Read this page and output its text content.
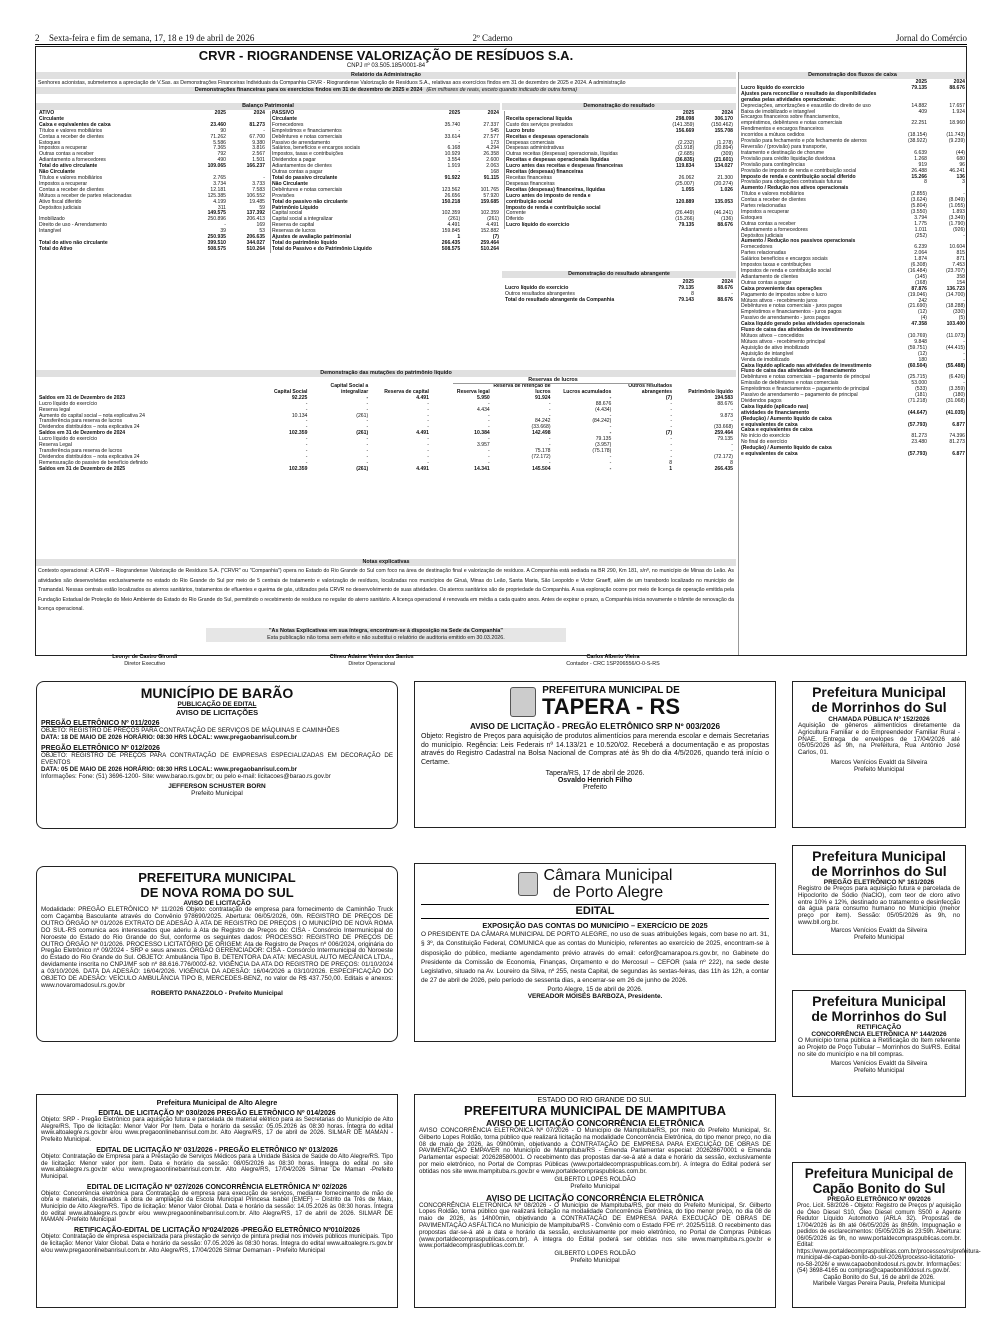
2	Sexta-feira e fim de semana, 17, 18 e 19 de abril de 2026	2º Caderno	Jornal do Comércio
CRVR - RIOGRANDENSE VALORIZAÇÃO DE RESÍDUOS S.A.
CNPJ nº 03.505.185/0001-84
Relatório da Administração
Senhores acionistas, submetemos a apreciação de V.Sas. as Demonstrações Financeiras Individuais da Companhia CRVR - Riograndense Valorização de Resíduos S.A., relativas aos exercícios findos em 31 de dezembro de 2025 e 2024. A administração
Demonstrações financeiras para os exercícios findos em 31 de dezembro de 2025 e 2024 (Em milhares de reais, exceto quando indicado de outra forma)
Balanço Patrimonial	Demonstração do resultado
ATIVO	2025	2024
Circulante		
Caixa e equivalentes de caixa	23.460	81.273
Títulos e valores mobiliários	90	-
Contas a receber de clientes	71.262	67.700
Estoques	5.586	9.380
Impostos a recuperar	7.365	3.816
Outras contas a receber	792	2.567
Adiantamento a fornecedores	490	1.501
Total do ativo circulante	109.065	166.237
Não Circulante		
Títulos e valores mobiliários	2.765	-
Impostos a recuperar	3.734	3.733
Contas a receber de clientes	12.181	7.583
Mútuos a receber de partes relacionadas	125.385	106.552
Ativo fiscal diferido	4.199	19.485
Depósitos judiciais	311	59
	149.575	137.392
Imobilizado	250.896	206.413
Direito de uso - Arrendamento	-	169
Intangível	39	53
	250.935	206.635
Total do ativo não circulante	399.510	344.027
Total do Ativo	508.575	510.264
PASSIVO	2025	2024
Circulante		
Fornecedores	35.740	27.337
Empréstimos e financiamentos	-	545
Debêntures e notas comerciais	33.614	27.577
Passivo de arrendamento	-	173
Salários, benefícios e encargos sociais	6.168	4.294
Impostos, taxas e contribuições	10.929	26.358
Dividendos a pagar	3.554	2.600
Adiantamentos de clientes	1.919	2.063
Outras contas a pagar	-	168
Total do passivo circulante	91.922	91.115
Não Circulante		
Debêntures e notas comerciais	123.562	101.765
Provisões	26.656	57.920
Total do passivo não circulante	150.218	159.685
Patrimônio Líquido		
Capital social	102.359	102.359
Capital social a integralizar	(261)	(261)
Reserva de capital	4.491	4.491
Reservas de lucros	159.845	152.882
Ajustes de avaliação patrimonial	1	(7)
Total do patrimônio líquido	266.435	259.464
Total do Passivo e do Patrimônio Líquido	508.575	510.264
	2025	2024
Receita operacional líquida	298.098	306.170
Custo dos serviços prestados	(141.359)	(150.462)
Lucro bruto	156.669	155.708
Receitas e despesas operacionais		
Despesas comerciais	(2.232)	(1.278)
Despesas administrativas	(31.918)	(20.894)
Outras receitas (despesas) operacionais, líquidas	(2.685)	(309)
Receitas e despesas operacionais líquidas	(36.835)	(21.601)
Lucro antes das receitas e despesas financeiras	119.834	134.027
Receitas (despesas) financeiras		
Receitas financeiras	26.062	21.300
Despesas financeiras	(25.007)	(20.274)
Receitas (despesas) financeiras, líquidas	1.055	1.026
Lucro antes do imposto de renda e		
contribuição social	120.889	135.053
Imposto de renda e contribuição social		
Corrente	(26.449)	(46.241)
Diferido	(15.266)	(136)
Lucro líquido do exercício	79.135	88.676
Demonstração do resultado abrangente
	2025	2024
Lucro líquido do exercício	79.135	88.676
Outros resultados abrangentes	8	-
Total do resultado abrangente da Companhia	79.143	88.676
Demonstração das mutações do patrimônio líquido
Reservas de lucros
	Capital Social	Capital Social a integralizar	Reserva de capital	Reserva legal	Reserva de retenção de lucros	Lucros acumulados	Outros resultados abrangentes	Patrimônio líquido
Saldos em 31 de Dezembro de 2023	92.225	-	4.491	5.950	91.924	-	(7)	194.583
Lucro líquido do exercício	-	-	-	-	-	88.676	-	88.676
Reserva legal	-	-	-	4.434	-	(4.434)	-	-
Aumento do capital social – nota explicativa 24	10.134	(261)	-	-	-	-	-	9.873
Transferência para reserva de lucros	-	-	-	-	84.242	(84.242)	-	-
Dividendos distribuídos – nota explicativa 24	-	-	-	-	(33.668)	-	-	(33.668)
Saldos em 31 de Dezembro de 2024	102.359	(261)	4.491	10.384	142.498	-	(7)	259.464
Lucro líquido do exercício	-	-	-	-	-	79.135	-	79.135
Reserva Legal	-	-	-	3.957	-	(3.957)	-	-
Transferência para reserva de lucros	-	-	-	-	75.178	(75.178)	-	-
Dividendos distribuídos – nota explicativa 24	-	-	-	-	(72.172)	-	-	(72.172)
Remensuração do passivo de benefício definido	-	-	-	-	-	-	8	8
Saldos em 31 de Dezembro de 2025	102.359	(261)	4.491	14.341	145.504	-	1	266.435
Notas explicativas
Contexto operacional: A CRVR – Riograndense Valorização de Resíduos S.A. ("CRVR" ou "Companhia") opera no Estado do Rio Grande do Sul com foco na área de destinação final e valorização de resíduos. A Companhia está sediada na BR 290, Km 181, s/nº, no município de Minas do Leão. As atividades são desenvolvidas exclusivamente no estado do Rio Grande do Sul por meio de 5 centrais de tratamento e valorização de resíduos, localizadas nos municípios de Giruá, Minas do Leão, Santa Maria, São Leopoldo e Victor Graeff, além de um transbordo localizado no município de Tramandaí. Nessas centrais estão localizados os aterros sanitários, tratamentos de efluentes e queima de gás, utilizados pela CRVR no desenvolvimento de suas atividades. Os aterros sanitários são de propriedade da Companhia. A sua exploração ocorre por meio de licença de operação emitida pela Fundação Estadual de Proteção do Meio Ambiente do Estado do Rio Grande do Sul, permitindo o recebimento de resíduos no regular do aterro sanitário. A licença operacional é renovada em média a cada quatro anos. Antes de expirar o prazo, a Companhia inicia novamente o trâmite de renovação da licença operacional.
"As Notas Explicativas em sua íntegra, encontram-se à disposição na Sede da Companhia"
Esta publicação não toma sem efeito e não substitui o relatório de auditoria emitido em 30.03.2026.
Leonyr de Castro Girondi
Diretor Executivo
Clineu Adaime Vieira dos Santos
Diretor Operacional
Carlos Alberto Vieira
Contador - CRC 1SP206556/O-0-S-RS
Demonstração dos fluxos de caixa
	2025	2024
Lucro líquido do exercício	79.135	88.676
Ajustes para reconciliar o resultado às disponibilidades		
geradas pelas atividades operacionais:		
Depreciações, amortizações e exaustão do direito de uso	14.882	17.657
Baixa de imobilizado e intangível	409	1.924
Encargos financeiros sobre financiamentos,		
empréstimos, debêntures e notas comerciais	22.251	18.960
Rendimentos e encargos financeiros		
incorridos a mútuos cedidos	(18.154)	(11.743)
Provisão para fechamento e pós fechamento de aterros	(38.922)	(9.239)
Reversão / (provisão) para transporte,		
tratamento e destinação de chorume	6.639	(44)
Provisão para crédito liquidação duvidosa	1.268	680
Provisão para contingências	919	96
Provisão de imposto de renda e contribuição social	26.488	46.241
Imposto de renda e contribuição social diferido	15.266	136
Provisão para obrigações contratuais futuras	8	3
Aumento / Redução nos ativos operacionais		
Títulos e valores mobiliários	(2.855)	-
Contas a receber de clientes	(3.624)	(8.049)
Partes relacionadas	(5.804)	(1.055)
Impostos a recuperar	(3.550)	1.893
Estoques	3.794	(3.349)
Outras contas a receber	1.775	(1.790)
Adiantamento a fornecedores	1.011	(926)
Depósitos judiciais	(252)	-
Aumento / Redução nos passivos operacionais		
Fornecedores	6.239	10.604
Partes relacionadas	2.064	815
Salários benefícios e encargos sociais	1.874	871
Impostos taxas e contribuições	(6.308)	7.453
Impostos de renda e contribuição social	(16.484)	(23.707)
Adiantamento de clientes	(145)	358
Outras contas a pagar	(168)	154
Caixa proveniente das operações	87.876	136.723
Pagamento de impostos sobre o lucro	(19.046)	(14.700)
Mútuos ativos - recebimento juros	242	-
Debêntures e notas comerciais - juros pagos	(21.690)	(18.288)
Empréstimos e financiamentos - juros pagos	(12)	(330)
Passivo de arrendamento - juros pagos	(4)	(5)
Caixa líquido gerado pelas atividades operacionais	47.358	103.400
Fluxo de caixa das atividades de investimento		
Mútuos ativos – concedidos	(10.769)	(11.073)
Mútuos ativos - recebimento principal	9.848	-
Aquisição de ativo imobilizado	(59.751)	(44.415)
Aquisição de intangível	(12)	-
Venda de imobilizado	180	-
Caixa líquido aplicado nas atividades de investimento	(60.504)	(55.488)
Fluxo de caixa das atividades de financiamento		
Debêntures e notas comerciais – pagamento de principal	(25.715)	(6.426)
Emissão de debêntures e notas comerciais	53.000	-
Empréstimos e financiamentos – pagamento de principal	(533)	(3.359)
Passivo de arrendamento – pagamento de principal	(181)	(180)
Dividendos pagos	(71.218)	(31.068)
Caixa líquido (aplicado nas)		
atividades de financiamento	(44.647)	(41.035)
(Redução) / Aumento líquido de caixa		
e equivalentes de caixa	(57.793)	6.877
Caixa e equivalentes de caixa		
No início do exercício	81.273	74.396
No final do exercício	23.480	81.273
(Redução) / Aumento líquido de caixa		
e equivalentes de caixa	(57.793)	6.877
MUNICÍPIO DE BARÃO
PUBLICAÇÃO DE EDITAL
AVISO DE LICITAÇÕES
PREGÃO ELETRÔNICO Nº 011/2026
OBJETO: REGISTRO DE PREÇOS PARA CONTRATAÇÃO DE SERVIÇOS DE MÁQUINAS E CAMINHÕES
DATA: 18 DE MAIO DE 2026 HORÁRIO: 08:30 HRS LOCAL: www.pregaobanrisul.com.br
PREGÃO ELETRÔNICO Nº 012/2026
OBJETO: REGISTRO DE PREÇOS PARA CONTRATAÇÃO DE EMPRESAS ESPECIALIZADAS EM DECORAÇÃO DE EVENTOS
DATA: 05 DE MAIO DE 2026 HORÁRIO: 08:30 HRS LOCAL: www.pregaobanrisul.com.br
Informações: Fone: (51) 3696-1200- Site: www.barao.rs.gov.br; ou pelo e-mail: licitacoes@barao.rs.gov.br
JEFFERSON SCHUSTER BORN
Prefeito Municipal
PREFEITURA MUNICIPAL DE
TAPERA - RS
AVISO DE LICITAÇÃO - PREGÃO ELETRÔNICO SRP Nº 003/2026
Objeto: Registro de Preços para aquisição de produtos alimentícios para merenda escolar e demais Secretarias do município. Regência: Leis Federais nº 14.133/21 e 10.520/02. Receberá a documentação e as propostas através do Registro Cadastral na Bolsa Nacional de Compras até às 9h do dia 4/5/2026, quando terá início o Certame.
Tapera/RS, 17 de abril de 2026.
Osvaldo Henrich Filho
Prefeito
Prefeitura Municipal
de Morrinhos do Sul
CHAMADA PÚBLICA Nº 152/2026
Aquisição de gêneros alimentícios diretamente da Agricultura Familiar e do Empreendedor Familiar Rural - PNAE. Entrega de envelopes de 17/04/2026 até 05/05/2026 às 9h, na Prefeitura, Rua Antônio José Carlos, 01.
Marcos Venícios Evaldt da Silveira
Prefeito Municipal
PREFEITURA MUNICIPAL
DE NOVA ROMA DO SUL
AVISO DE LICITAÇÃO
Modalidade: PREGÃO ELETRÔNICO Nº 11/2026 Objeto: contratação de empresa para fornecimento de Caminhão Truck com Caçamba Basculante através do Convênio 978690/2025. Abertura: 06/05/2026, 09h. REGISTRO DE PREÇOS DE OUTRO ÓRGÃO Nº 01/2026 EXTRATO DE ADESÃO À ATA DE REGISTRO DE PREÇOS | O MUNICÍPIO DE NOVA ROMA DO SUL-RS comunica aos interessados que aderiu à Ata de Registro de Preços do: CISA - Consórcio Intermunicipal do Noroeste do Estado do Rio Grande do Sul, conforme os seguintes dados: PROCESSO: REGISTRO DE PREÇOS DE OUTRO ÓRGÃO Nº 01/2026. PROCESSO LICITATÓRIO DE ORIGEM: Ata de Registro de Preços nº 006/2024, originária do Pregão Eletrônico nº 09/2024 - SRP e seus anexos. ÓRGÃO GERENCIADOR: CISA - Consórcio Intermunicipal do Noroeste do Estado do Rio Grande do Sul. OBJETO: Ambulância Tipo B. DETENTORA DA ATA: MECASUL AUTO MECÂNICA LTDA., devidamente inscrita no CNPJ/MF sob nº 88.616.776/0002-62. VIGÊNCIA DA ATA DO REGISTRO DE PREÇOS: 01/10/2024 a 03/10/2026. DATA DA ADESÃO: 16/04/2026. VIGÊNCIA DA ADESÃO: 16/04/2026 a 03/10/2026. ESPECIFICAÇÃO DO OBJETO DE ADESÃO: VEÍCULO AMBULÂNCIA TIPO B, MERCEDES-BENZ, no valor de R$ 437.750,00. Editais e anexos: www.novaromadosul.rs.gov.br
ROBERTO PANAZZOLO - Prefeito Municipal
Câmara Municipal
de Porto Alegre
EDITAL
EXPOSIÇÃO DAS CONTAS DO MUNICÍPIO – EXERCÍCIO DE 2025
O PRESIDENTE DA CÂMARA MUNICIPAL DE PORTO ALEGRE, no uso de suas atribuições legais, com base no art. 31, § 3º, da Constituição Federal, COMUNICA que as contas do Município, referentes ao exercício de 2025, encontram-se à disposição do público, mediante agendamento prévio através do email: cefor@camarapoa.rs.gov.br, no Gabinete do Presidente da Comissão de Economia, Finanças, Orçamento e do Mercosul – CEFOR (sala nº 222), na sede deste Legislativo, situado na Av. Loureiro da Silva, nº 255, nesta Capital, de segundas às sextas-feiras, das 11h às 12h, a contar de 27 de abril de 2026, pelo período de sessenta dias, a encerrar-se em 26 de junho de 2026.
Porto Alegre, 15 de abril de 2026.
VEREADOR MOISÉS BARBOZA, Presidente.
Prefeitura Municipal
de Morrinhos do Sul
PREGÃO ELETRÔNICO Nº 161/2026
Registro de Preços para aquisição futura e parcelada de Hipoclorito de Sódio (NaClO), com teor de cloro ativo entre 10% e 12%, destinado ao tratamento e desinfecção da água para consumo humano no Município (menor preço por item). Sessão: 05/05/2026 às 9h, no www.bll.org.br.
Marcos Venícios Evaldt da Silveira
Prefeito Municipal
Prefeitura Municipal
de Morrinhos do Sul
RETIFICAÇÃO
CONCORRÊNCIA ELETRÔNICA Nº 144/2026
O Município torna pública a Retificação do Item referente ao Projeto de Poço Tubular – Morrinhos do Sul/RS. Edital no site do município e na bll compras.
Marcos Venícios Evaldt da Silveira
Prefeito Municipal
Prefeitura Municipal de Alto Alegre
EDITAL DE LICITAÇÃO Nº 030/2026 PREGÃO ELETRÔNICO Nº 014/2026
Objeto: SRP - Pregão Eletrônico para aquisição futura e parcelada de material elétrico para as Secretarias do Município de Alto Alegre/RS. Tipo de licitação: Menor Valor Por Item. Data e horário da sessão: 05.05.2026 às 08:30 horas. Íntegra do edital www.altoalegre.rs.gov.br e/ou www.pregaoonlinebanrisul.com.br. Alto Alegre/RS, 17 de abril de 2026. SILMAR DE MAMAN -Prefeito Municipal.
EDITAL DE LICITAÇÃO Nº 031/2026 - PREGÃO ELETRÔNICO Nº 013/2026
Objeto: Contratação de Empresa para a Prestação de Serviços Médicos para a Unidade Básica de Saúde do Alto Alegre/RS. Tipo de licitação: Menor valor por item. Data e horário da sessão: 08/05/2026 às 08:30 horas. Íntegra do edital no site www.altoalegre.rs.gov.br e/ou www.pregaoonlinebanrisul.com.br. Alto Alegre/RS, 17/04/2026 Silmar De Maman -Prefeito Municipal.
EDITAL DE LICITAÇÃO Nº 027/2026 CONCORRÊNCIA ELETRÔNICA Nº 02/2026
Objeto: Concorrência eletrônica para Contratação de empresa para execução de serviços, mediante fornecimento de mão de obra e materiais, destinados à obra de ampliação da Escola Municipal Princesa Isabel (EMEF) – Distrito da Três de Maio, Município de Alto Alegre/RS. Tipo de licitação: Menor Valor Global. Data e horário da sessão: 14.05.2026 às 08:30 horas. Íntegra do edital www.altoalegre.rs.gov.br e/ou www.pregaoonlinebanrisul.com.br. Alto Alegre/RS, 17 de abril de 2026. SILMAR DE MAMAN -Prefeito Municipal
RETIFICAÇÃO-EDITAL DE LICITAÇÃO Nº024/2026 -PREGÃO ELETRÔNICO Nº010/2026
Objeto: Contratação de empresa especializada para prestação de serviço de pintura predial nos imóveis públicos municipais. Tipo de licitação: Menor Valor Global. Data e horário da sessão: 07.05.2026 às 08:30 horas. Íntegra do edital www.altoalegre.rs.gov.br e/ou www.pregaoonlinebanrisul.com.br. Alto Alegre/RS, 17/04/2026 Silmar Demaman - Prefeito Municipal
ESTADO DO RIO GRANDE DO SUL
PREFEITURA MUNICIPAL DE MAMPITUBA
AVISO DE LICITAÇÃO CONCORRÊNCIA ELETRÔNICA
AVISO CONCORRÊNCIA ELETRÔNICA Nº 07/2026 - O Município de Mampituba/RS, por meio do Prefeito Municipal, Sr. Gilberto Lopes Roldão, torna público que realizará licitação na modalidade Concorrência Eletrônica, do tipo menor preço, no dia 08 de maio de 2026, às 09h00min, objetivando a CONTRATAÇÃO DE EMPRESA PARA EXECUÇÃO DE OBRAS DE PAVIMENTAÇÃO EMPAVER no Município de Mampituba/RS - Emenda Parlamentar especial: 202628670001 e Emenda Parlamentar especial: 202628580001. O recebimento das propostas dar-se-á até a data e horário da sessão, exclusivamente por meio eletrônico, no Portal de Compras Públicas (www.portaldecompraspublicas.com.br). A íntegra do Edital poderá ser obtidas nos site www.mampituba.rs.gov.br e www.portaldecompraspublicas.com.br.
GILBERTO LOPES ROLDÃO
Prefeito Municipal
AVISO DE LICITAÇÃO CONCORRÊNCIA ELETRÔNICA
CONCORRÊNCIA ELETRÔNICA Nº 08/2026 - O Município de Mampituba/RS, por meio do Prefeito Municipal, Sr. Gilberto Lopes Roldão, torna público que realizará licitação na modalidade Concorrência Eletrônica, do tipo menor preço, no dia 08 de maio de 2026, às 14h00min, objetivando a CONTRATAÇÃO DE EMPRESA PARA EXECUÇÃO DE OBRAS DE PAVIMENTAÇÃO ASFÁLTICA no Município de Mampituba/RS - Convênio com o Estado FPE nº. 2025/5118. O recebimento das propostas dar-se-á até a data e horário da sessão, exclusivamente por meio eletrônico, no Portal de Compras Públicas (www.portaldecompraspublicas.com.br). A íntegra do Edital poderá ser obtidas nos site www.mampituba.rs.gov.br e www.portaldecompraspublicas.com.br.
GILBERTO LOPES ROLDÃO
Prefeito Municipal
Prefeitura Municipal de
Capão Bonito do Sul
PREGÃO ELETRÔNICO Nº 09/2026
Proc. Licit. 58/2026 - Objeto: Registro de Preços p/ aquisição de Óleo Diesel S10, Óleo Diesel comum S500 e Agente Redutor Líquido Automotivo (ARLA 32). Propostas de 17/04/2026 às 8h até 06/05/2026 às 8h59h. Impugnação e pedidos de esclarecimentos: 05/05/2026 às 23:59h. Abertura: 06/05/2026 às 9h, no www.portaldecompraspublicas.com.br. Edital: https://www.portaldecompraspublicas.com.br/processos/rs/prefeitura-municipal-de-capao-bonito-do-sul-2026/processo-licitatorio-no-58-2026/ e www.capaobonitodosul.rs.gov.br. Informações: (54) 3698-4165 ou compras@capaobonitodosul.rs.gov.br.
Capão Bonito do Sul, 16 de abril de 2026.
Maribele Vargas Pereira Paula, Prefeita Municipal
